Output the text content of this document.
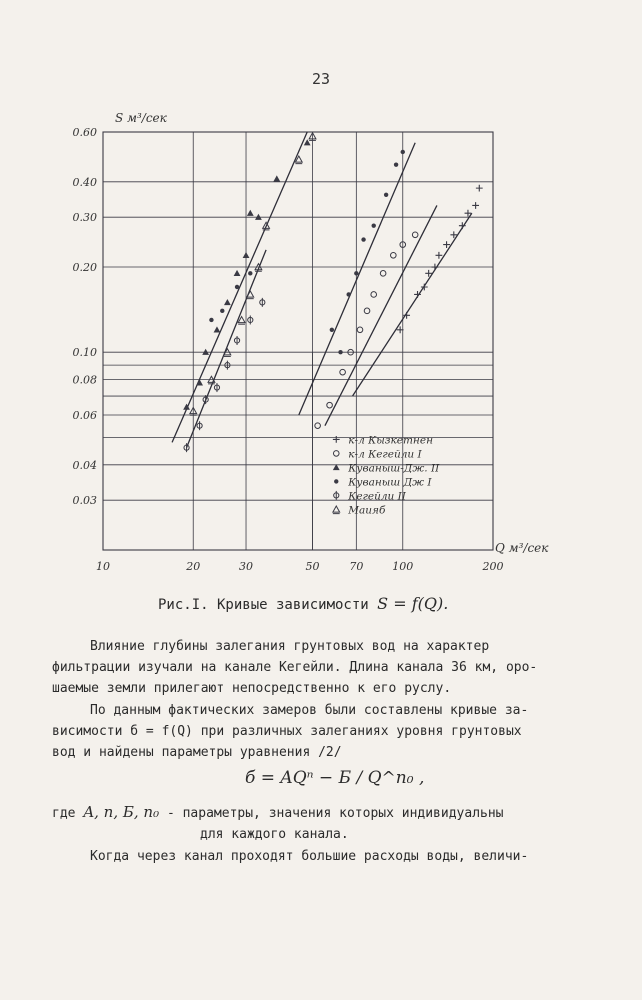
23
0.03
0.04
0.06
0.08
0.10
0.20
0.30
0.40
0.60
10	20	30	50	70	100	200
к-л Кызкетнен
к-л Кегейли I
Куваныш-Дж. II
Куваныш Дж I
Кегейли II
Маияб
S м³/сек
Q м³/сек
Рис.I. Кривые зависимости S = f(Q).
Влияние глубины залегания грунтовых вод на характер
фильтрации изучали на канале Кегейли. Длина канала 36 км, оро-
шаемые земли прилегают непосредственно к его руслу.
По данным фактических замеров были составлены кривые за-
висимости б = f(Q) при различных залеганиях уровня грунтовых
вод и найдены параметры уравнения /2/
б = AQⁿ − Б / Q^n₀ ,
где A, n, Б, n₀ - параметры, значения которых индивидуальны
для каждого канала.
Когда через канал проходят большие расходы воды, величи-
